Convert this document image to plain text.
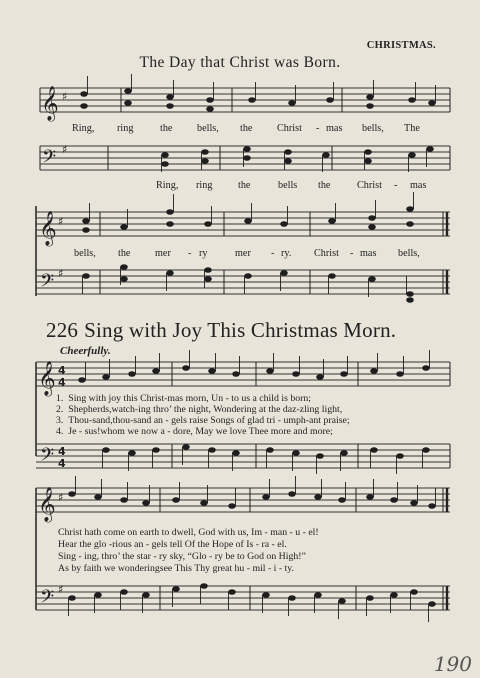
CHRISTMAS.
The Day that Christ was Born.
𝄞 ♯
Ring, ring	the bells, the Christ - mas bells, The
𝄢 ♯
Ring, ring	the	bells the	Christ - mas
𝄞 ♯
bells, the mer - ry	mer - ry. Christ - mas bells,
𝄢 ♯
226 Sing with Joy This Christmas Morn.
Cheerfully.
𝄞 4
4
1. Sing with joy this Christ-mas morn, Un - to us a child is born;
2. Shepherds,watch-ing thro’ the night, Wondering at the daz-zling light,
3. Thou-sand,thou-sand an - gels raise Songs of glad tri - umph-ant praise;
4. Je - sus!whom we now a - dore, May we love Thee more and more;
𝄢 4
4
𝄞 ♯
Christ hath come on earth to dwell, God with us, Im - man - u - el!
Hear the glo -rious an - gels tell Of the Hope of Is - ra - el.
Sing - ing, thro’ the star - ry sky, “Glo - ry be to God on High!”
As by faith we wonderingsee This Thy great hu - mil - i - ty.
𝄢 ♯
190
